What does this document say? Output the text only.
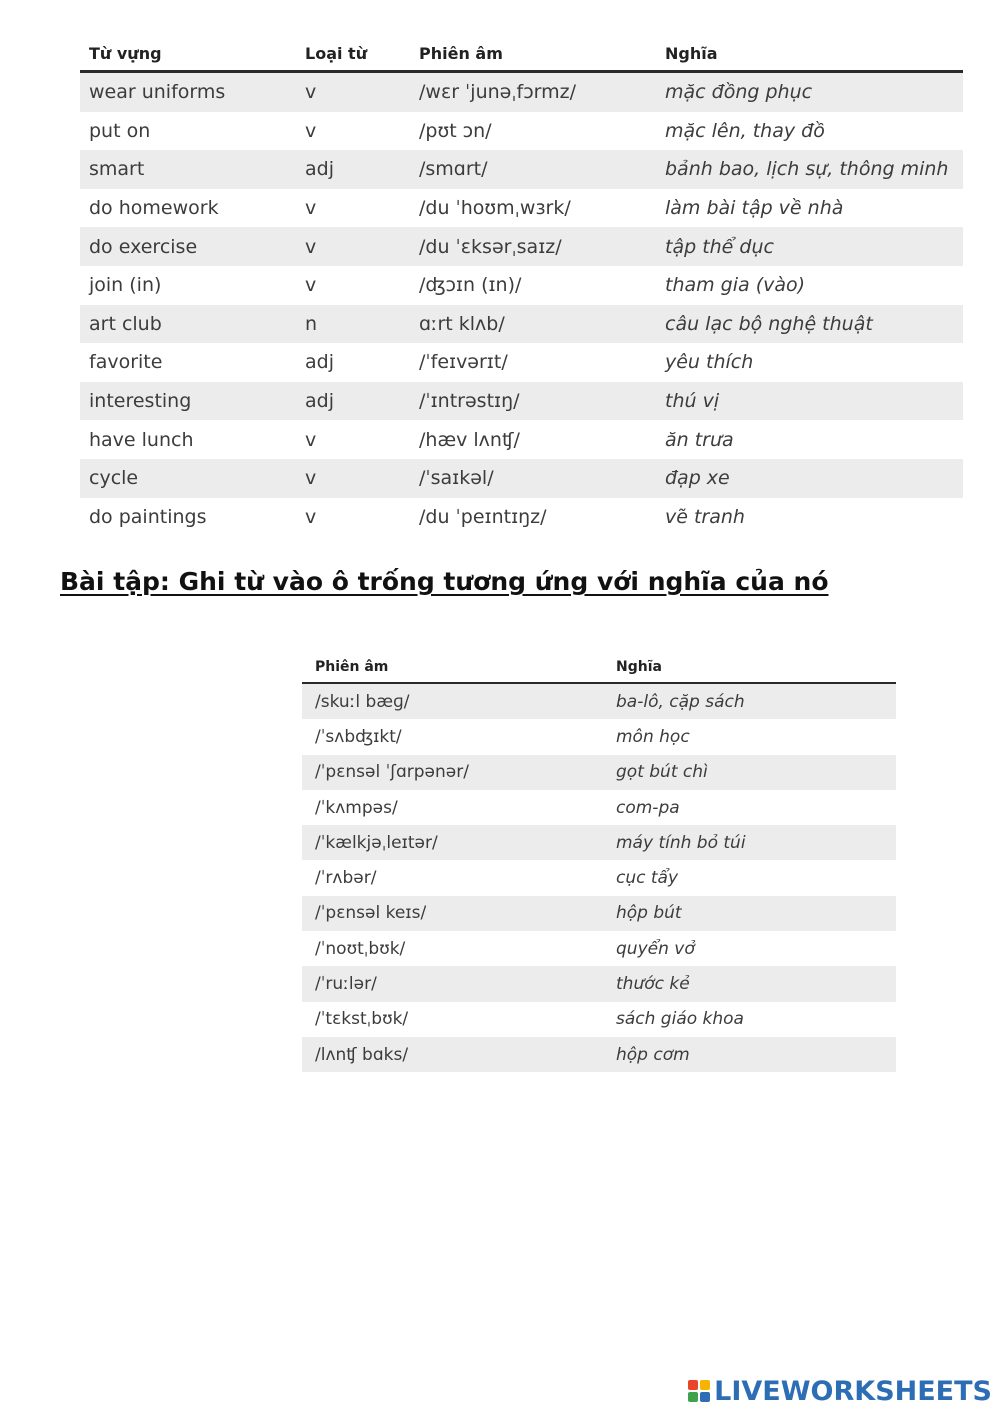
Từ vựng	Loại từ	Phiên âm	Nghĩa
wear uniforms	v	/wɛr ˈjunəˌfɔrmz/	mặc đồng phục
put on	v	/pʊt ɔn/	mặc lên, thay đồ
smart	adj	/smɑrt/	bảnh bao, lịch sự, thông minh
do homework	v	/du ˈhoʊmˌwɜrk/	làm bài tập về nhà
do exercise	v	/du ˈɛksərˌsaɪz/	tập thể dục
join (in)	v	/ʤɔɪn (ɪn)/	tham gia (vào)
art club	n	ɑːrt klʌb/	câu lạc bộ nghệ thuật
favorite	adj	/ˈfeɪvərɪt/	yêu thích
interesting	adj	/ˈɪntrəstɪŋ/	thú vị
have lunch	v	/hæv lʌnʧ/	ăn trưa
cycle	v	/ˈsaɪkəl/	đạp xe
do paintings	v	/du ˈpeɪntɪŋz/	vẽ tranh
Bài tập: Ghi từ vào ô trống tương ứng với nghĩa của nó
Phiên âm	Nghĩa
/skuːl bæɡ/	ba-lô, cặp sách
/ˈsʌbʤɪkt/	môn học
/ˈpɛnsəl ˈʃɑrpənər/	gọt bút chì
/ˈkʌmpəs/	com-pa
/ˈkælkjəˌleɪtər/	máy tính bỏ túi
/ˈrʌbər/	cục tẩy
/ˈpɛnsəl keɪs/	hộp bút
/ˈnoʊtˌbʊk/	quyển vở
/ˈruːlər/	thước kẻ
/ˈtɛkstˌbʊk/	sách giáo khoa
/lʌnʧ bɑks/	hộp cơm
LIVEWORKSHEETS
